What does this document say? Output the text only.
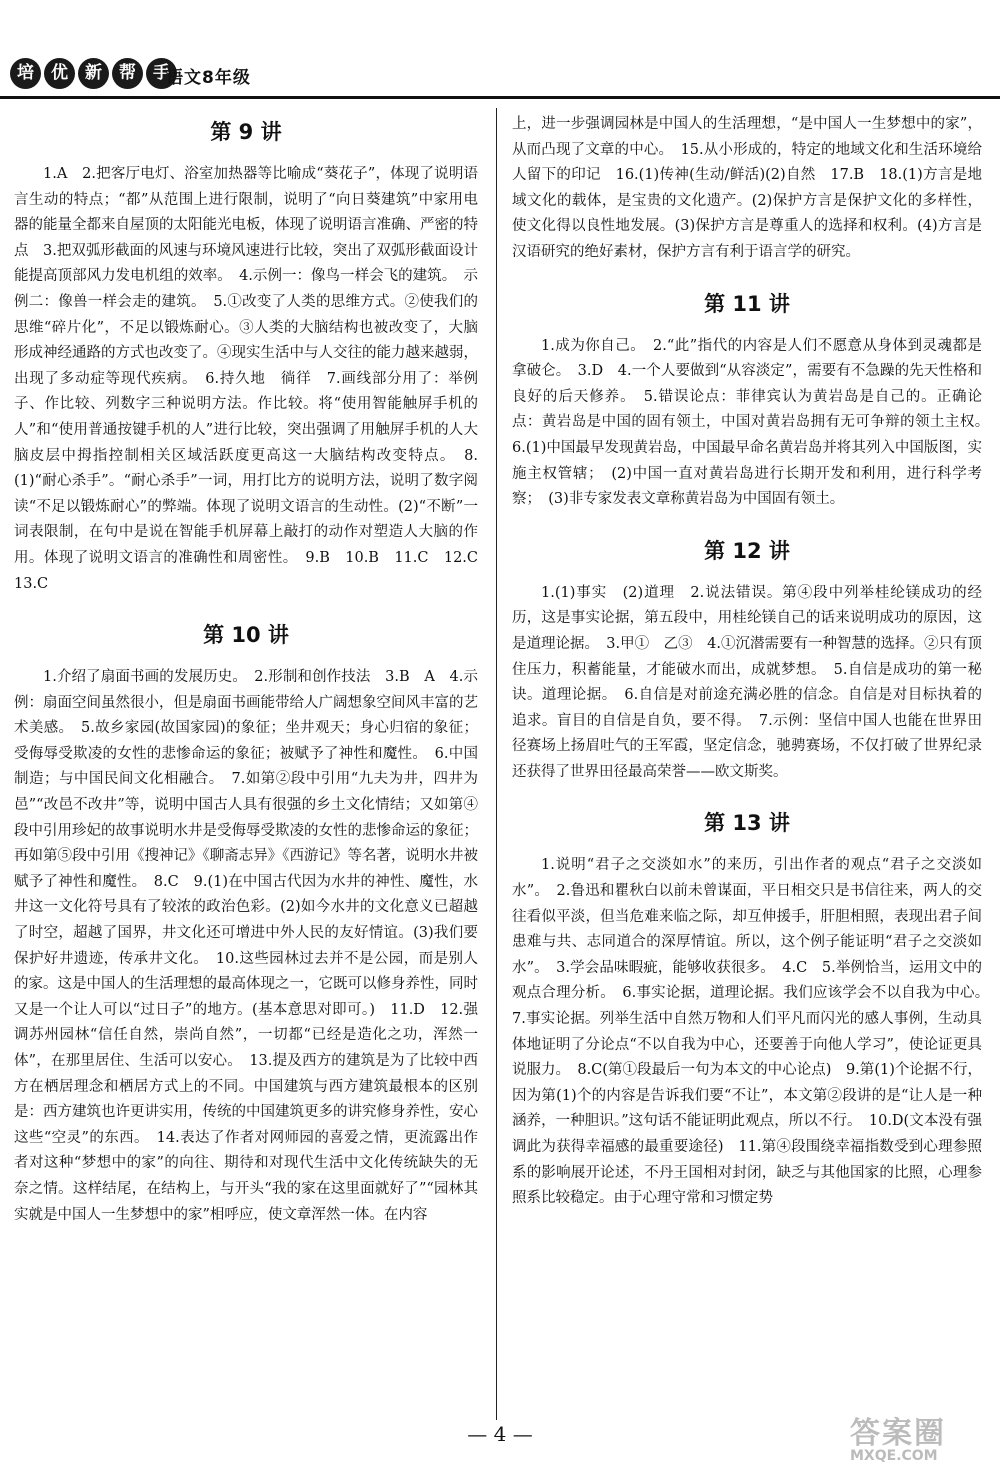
培	优	新	帮	手
语文8年级
第 9 讲

1.A　2.把客厅电灯、浴室加热器等比喻成“葵花子”，体现了说明语言生动的特点；“都”从范围上进行限制，说明了“向日葵建筑”中家用电器的能量全都来自屋顶的太阳能光电板，体现了说明语言准确、严密的特点　3.把双弧形截面的风速与环境风速进行比较，突出了双弧形截面设计能提高顶部风力发电机组的效率。　4.示例一：像鸟一样会飞的建筑。　示例二：像兽一样会走的建筑。　5.①改变了人类的思维方式。②使我们的思维“碎片化”，不足以锻炼耐心。③人类的大脑结构也被改变了，大脑形成神经通路的方式也改变了。④现实生活中与人交往的能力越来越弱，出现了多动症等现代疾病。　6.持久地　徜徉　7.画线部分用了：举例子、作比较、列数字三种说明方法。作比较。将“使用智能触屏手机的人”和“使用普通按键手机的人”进行比较，突出强调了用触屏手机的人大脑皮层中拇指控制相关区域活跃度更高这一大脑结构改变特点。　8.(1)“耐心杀手”。“耐心杀手”一词，用打比方的说明方法，说明了数字阅读“不足以锻炼耐心”的弊端。体现了说明文语言的生动性。(2)“不断”一词表限制，在句中是说在智能手机屏幕上敲打的动作对塑造人大脑的作用。体现了说明文语言的准确性和周密性。　9.B　10.B　11.C　12.C　13.C

第 10 讲

1.介绍了扇面书画的发展历史。　2.形制和创作技法　3.B　A　4.示例：扇面空间虽然很小，但是扇面书画能带给人广阔想象空间风丰富的艺术美感。　5.故乡家园(故国家园)的象征；坐井观天；身心归宿的象征；受侮辱受欺凌的女性的悲惨命运的象征；被赋予了神性和魔性。　6.中国制造；与中国民间文化相融合。　7.如第②段中引用“九夫为井，四井为邑”“改邑不改井”等，说明中国古人具有很强的乡土文化情结；又如第④段中引用珍妃的故事说明水井是受侮辱受欺凌的女性的悲惨命运的象征；再如第⑤段中引用《搜神记》《聊斋志异》《西游记》等名著，说明水井被赋予了神性和魔性。　8.C　9.(1)在中国古代因为水井的神性、魔性，水井这一文化符号具有了较浓的政治色彩。(2)如今水井的文化意义已超越了时空，超越了国界，井文化还可增进中外人民的友好情谊。(3)我们要保护好井遗迹，传承井文化。　10.这些园林过去并不是公园，而是别人的家。这是中国人的生活理想的最高体现之一，它既可以修身养性，同时又是一个让人可以“过日子”的地方。(基本意思对即可。)　11.D　12.强调苏州园林“信任自然，崇尚自然”，一切都“已经是造化之功，浑然一体”，在那里居住、生活可以安心。　13.提及西方的建筑是为了比较中西方在栖居理念和栖居方式上的不同。中国建筑与西方建筑最根本的区别是：西方建筑也许更讲实用，传统的中国建筑更多的讲究修身养性，安心这些“空灵”的东西。　14.表达了作者对网师园的喜爱之情，更流露出作者对这种“梦想中的家”的向往、期待和对现代生活中文化传统缺失的无奈之情。这样结尾，在结构上，与开头“我的家在这里面就好了”“园林其实就是中国人一生梦想中的家”相呼应，使文章浑然一体。在内容

上，进一步强调园林是中国人的生活理想，“是中国人一生梦想中的家”，从而凸现了文章的中心。　15.从小形成的，特定的地域文化和生活环境给人留下的印记　16.(1)传神(生动/鲜活)(2)自然　17.B　18.(1)方言是地域文化的载体，是宝贵的文化遗产。(2)保护方言是保护文化的多样性，使文化得以良性地发展。(3)保护方言是尊重人的选择和权利。(4)方言是汉语研究的绝好素材，保护方言有利于语言学的研究。

第 11 讲

1.成为你自己。　2.“此”指代的内容是人们不愿意从身体到灵魂都是拿破仑。　3.D　4.一个人要做到“从容淡定”，需要有不急躁的先天性格和良好的后天修养。　5.错误论点：菲律宾认为黄岩岛是自己的。正确论点：黄岩岛是中国的固有领土，中国对黄岩岛拥有无可争辩的领土主权。　6.(1)中国最早发现黄岩岛，中国最早命名黄岩岛并将其列入中国版图，实施主权管辖；　(2)中国一直对黄岩岛进行长期开发和利用，进行科学考察；　(3)非专家发表文章称黄岩岛为中国固有领土。

第 12 讲

1.(1)事实　(2)道理　2.说法错误。第④段中列举桂纶镁成功的经历，这是事实论据，第五段中，用桂纶镁自己的话来说明成功的原因，这是道理论据。　3.甲①　乙③　4.①沉潜需要有一种智慧的选择。②只有顶住压力，积蓄能量，才能破水而出，成就梦想。　5.自信是成功的第一秘诀。道理论据。　6.自信是对前途充满必胜的信念。自信是对目标执着的追求。盲目的自信是自负，要不得。　7.示例：坚信中国人也能在世界田径赛场上扬眉吐气的王军霞，坚定信念，驰骋赛场，不仅打破了世界纪录还获得了世界田径最高荣誉——欧文斯奖。

第 13 讲

1.说明“君子之交淡如水”的来历，引出作者的观点“君子之交淡如水”。　2.鲁迅和瞿秋白以前未曾谋面，平日相交只是书信往来，两人的交往看似平淡，但当危难来临之际，却互伸援手，肝胆相照，表现出君子间患难与共、志同道合的深厚情谊。所以，这个例子能证明“君子之交淡如水”。　3.学会品味暇疵，能够收获很多。　4.C　5.举例恰当，运用文中的观点合理分析。　6.事实论据，道理论据。我们应该学会不以自我为中心。　7.事实论据。列举生活中自然万物和人们平凡而闪光的感人事例，生动具体地证明了分论点“不以自我为中心，还要善于向他人学习”，使论证更具说服力。　8.C(第①段最后一句为本文的中心论点)　9.第(1)个论据不行，因为第(1)个的内容是告诉我们要“不让”，本文第②段讲的是“让人是一种涵养，一种胆识。”这句话不能证明此观点，所以不行。　10.D(文本没有强调此为获得幸福感的最重要途径)　11.第④段围绕幸福指数受到心理参照系的影响展开论述，不丹王国相对封闭，缺乏与其他国家的比照，心理参照系比较稳定。由于心理守常和习惯定势

— 4 —	答案圈
MXQE.COM
